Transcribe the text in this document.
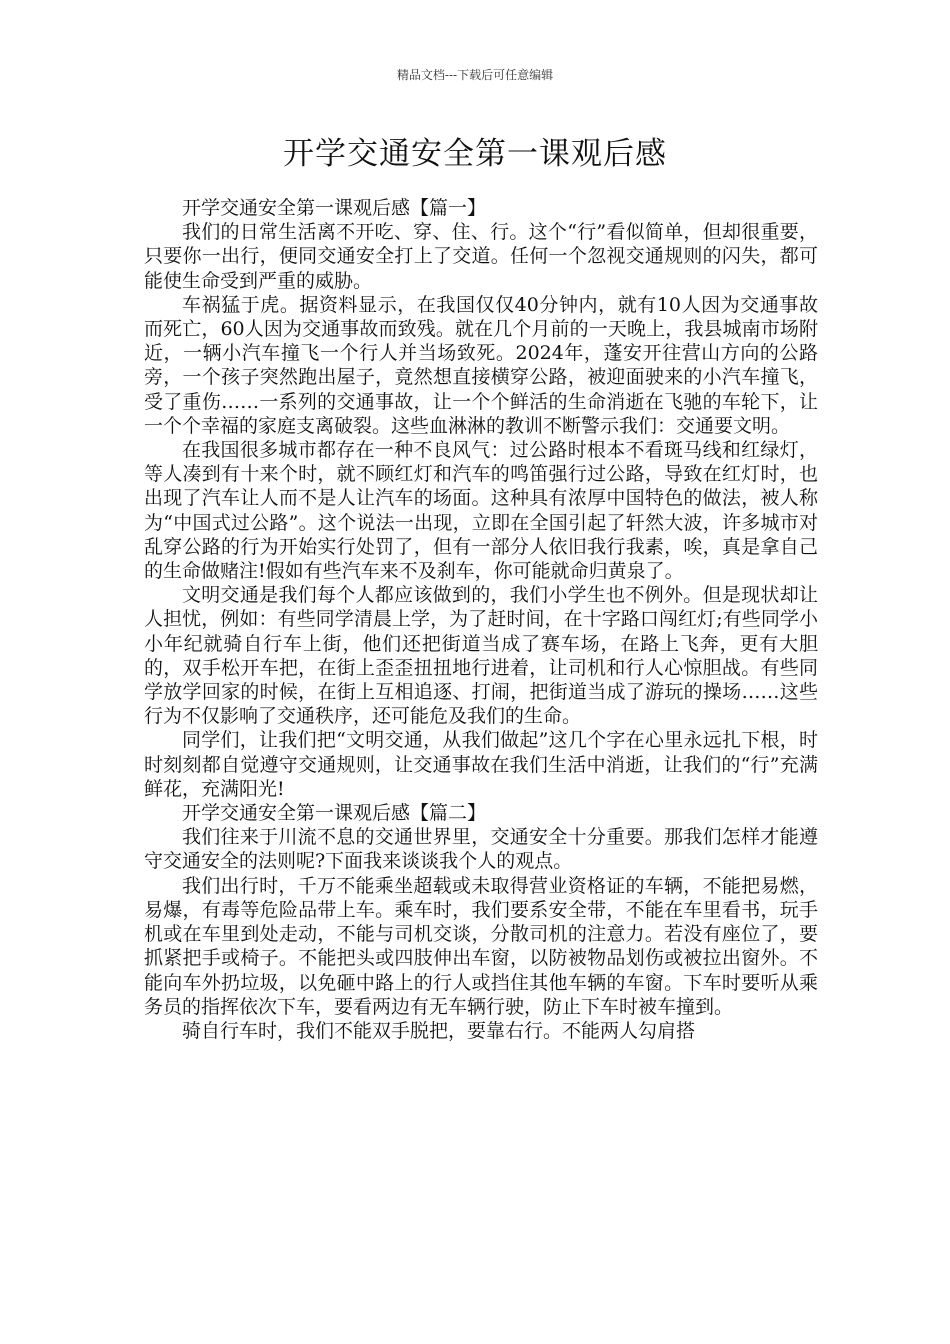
精品文档---下载后可任意编辑
开学交通安全第一课观后感

开学交通安全第一课观后感【篇一】

我们的日常生活离不开吃、穿、住、行。这个“行”看似简单，但却很重要，只要你一出行，便同交通安全打上了交道。任何一个忽视交通规则的闪失，都可能使生命受到严重的威胁。

车祸猛于虎。据资料显示，在我国仅仅40分钟内，就有10人因为交通事故而死亡，60人因为交通事故而致残。就在几个月前的一天晚上，我县城南市场附近，一辆小汽车撞飞一个行人并当场致死。2024年，蓬安开往营山方向的公路旁，一个孩子突然跑出屋子，竟然想直接横穿公路，被迎面驶来的小汽车撞飞，受了重伤……一系列的交通事故，让一个个鲜活的生命消逝在飞驰的车轮下，让一个个幸福的家庭支离破裂。这些血淋淋的教训不断警示我们：交通要文明。

在我国很多城市都存在一种不良风气：过公路时根本不看斑马线和红绿灯，等人凑到有十来个时，就不顾红灯和汽车的鸣笛强行过公路，导致在红灯时，也出现了汽车让人而不是人让汽车的场面。这种具有浓厚中国特色的做法，被人称为“中国式过公路”。这个说法一出现，立即在全国引起了轩然大波，许多城市对乱穿公路的行为开始实行处罚了，但有一部分人依旧我行我素，唉，真是拿自己的生命做赌注!假如有些汽车来不及刹车，你可能就命归黄泉了。

文明交通是我们每个人都应该做到的，我们小学生也不例外。但是现状却让人担忧，例如：有些同学清晨上学，为了赶时间，在十字路口闯红灯;有些同学小小年纪就骑自行车上街，他们还把街道当成了赛车场，在路上飞奔，更有大胆的，双手松开车把，在街上歪歪扭扭地行进着，让司机和行人心惊胆战。有些同学放学回家的时候，在街上互相追逐、打闹，把街道当成了游玩的操场……这些行为不仅影响了交通秩序，还可能危及我们的生命。

同学们，让我们把“文明交通，从我们做起”这几个字在心里永远扎下根，时时刻刻都自觉遵守交通规则，让交通事故在我们生活中消逝，让我们的“行”充满鲜花，充满阳光!

开学交通安全第一课观后感【篇二】

我们往来于川流不息的交通世界里，交通安全十分重要。那我们怎样才能遵守交通安全的法则呢?下面我来谈谈我个人的观点。

我们出行时，千万不能乘坐超载或未取得营业资格证的车辆，不能把易燃，易爆，有毒等危险品带上车。乘车时，我们要系安全带，不能在车里看书，玩手机或在车里到处走动，不能与司机交谈，分散司机的注意力。若没有座位了，要抓紧把手或椅子。不能把头或四肢伸出车窗，以防被物品划伤或被拉出窗外。不能向车外扔垃圾，以免砸中路上的行人或挡住其他车辆的车窗。下车时要听从乘务员的指挥依次下车，要看两边有无车辆行驶，防止下车时被车撞到。

骑自行车时，我们不能双手脱把，要靠右行。不能两人勾肩搭
